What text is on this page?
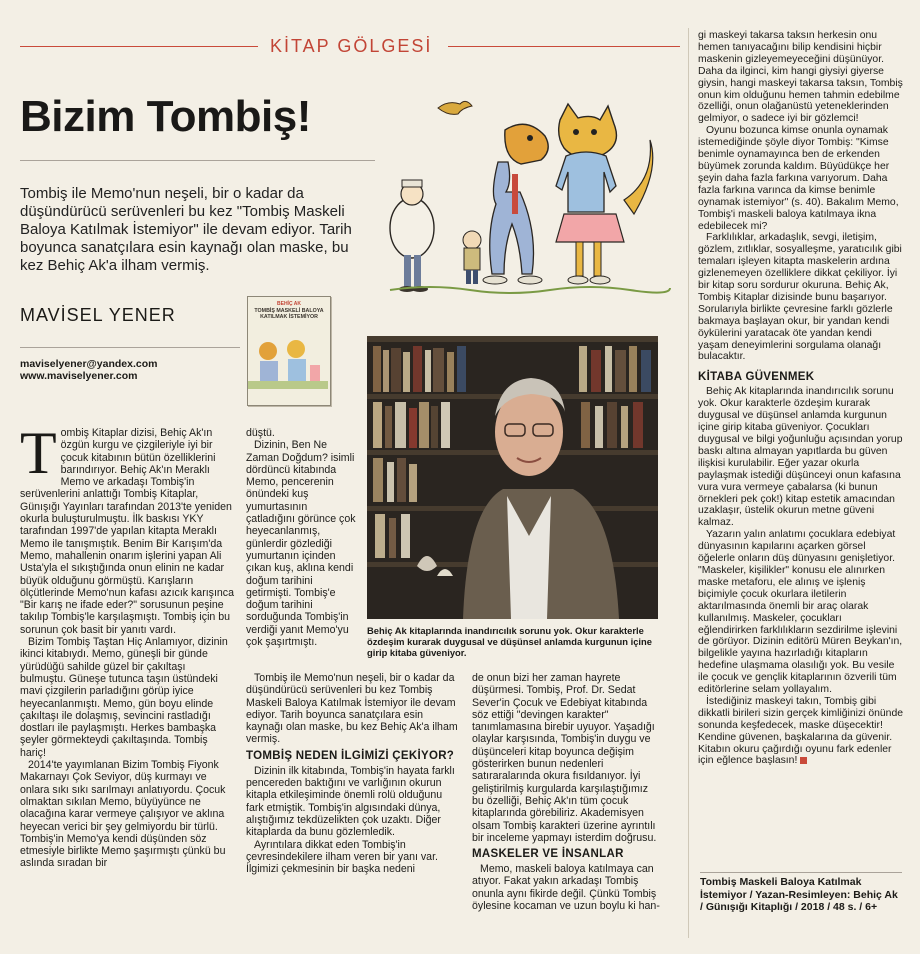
KİTAP GÖLGESİ
Bizim Tombiş!
Tombiş ile Memo'nun neşeli, bir o kadar da düşündürücü serüvenleri bu kez "Tombiş Maskeli Baloya Katılmak İstemiyor" ile devam ediyor. Tarih boyunca sanatçılara esin kaynağı olan maske, bu kez Behiç Ak'a ilham vermiş.
MAVİSEL YENER
maviselyener@yandex.com
www.maviselyener.com
BEHİÇ AK
TOMBİŞ MASKELİ BALOYA KATILMAK İSTEMİYOR
T ombiş Kitaplar dizisi, Behiç Ak'ın özgün kurgu ve çizgileriyle iyi bir çocuk kitabının bütün özelliklerini barındırıyor. Behiç Ak'ın Meraklı Memo ve arkadaşı Tombiş'in serüvenlerini anlattığı Tombiş Kitaplar, Günışığı Yayınları tarafından 2013'te yeniden okurla buluşturulmuştu. İlk baskısı YKY tarafından 1997'de yapılan kitapta Meraklı Memo ile tanışmıştık. Benim Bir Karışım'da Memo, mahallenin onarım işlerini yapan Ali Usta'yla el sıkıştığında onun elinin ne kadar büyük olduğunu görmüştü. Karışların ölçütlerinde Memo'nun kafası azıcık karışınca "Bir karış ne ifade eder?" sorusunun peşine takılıp Tombiş'le karşılaşmıştı. Tombiş için bu sorunun çok basit bir yanıtı vardı.

Bizim Tombiş Taştan Hiç Anlamıyor, dizinin ikinci kitabıydı. Memo, güneşli bir günde yürüdüğü sahilde güzel bir çakıltaşı bulmuştu. Güneşe tutunca taşın üstündeki mavi çizgilerin parladığını görüp iyice heyecanlanmıştı. Memo, gün boyu elinde çakıltaşı ile dolaşmış, sevincini rastladığı dostları ile paylaşmıştı. Herkes bambaşka şeyler görmekteydi çakıltaşında. Tombiş hariç!

2014'te yayımlanan Bizim Tombiş Fiyonk Makarnayı Çok Seviyor, düş kurmayı ve onlara sıkı sıkı sarılmayı anlatıyordu. Çocuk olmaktan sıkılan Memo, büyüyünce ne olacağına karar vermeye çalışıyor ve aklına heyecan verici bir şey gelmiyordu bir türlü. Tombiş'in Memo'ya kendi düşünden söz etmesiyle birlikte Memo şaşırmıştı çünkü bu aslında sıradan bir

düştü.

Dizinin, Ben Ne Zaman Doğdum? isimli dördüncü kitabında Memo, pencerenin önündeki kuş yumurtasının çatladığını görünce çok heyecanlanmış, günlerdir gözlediği yumurtanın içinden çıkan kuş, aklına kendi doğum tarihini getirmişti. Tombiş'e doğum tarihini sorduğunda Tombiş'in verdiği yanıt Memo'yu çok şaşırtmıştı.

Tombiş ile Memo'nun neşeli, bir o kadar da düşündürücü serüvenleri bu kez Tombiş Maskeli Baloya Katılmak İstemiyor ile devam ediyor. Tarih boyunca sanatçılara esin kaynağı olan maske, bu kez Behiç Ak'a ilham vermiş.

TOMBİŞ NEDEN İLGİMİZİ ÇEKİYOR?

Dizinin ilk kitabında, Tombiş'in hayata farklı pencereden baktığını ve varlığının okurun kitapla etkileşiminde önemli rolü olduğunu fark etmiştik. Tombiş'in algısındaki dünya, alıştığımız tekdüzelikten çok uzaktı. Diğer kitaplarda da bunu gözlemledik.

Ayrıntılara dikkat eden Tombiş'in çevresindekilere ilham veren bir yanı var. İlgimizi çekmesinin bir başka nedeni

Behiç Ak kitaplarında inandırıcılık sorunu yok. Okur karakterle özdeşim kurarak duygusal ve düşünsel anlamda kurgunun içine girip kitaba güveniyor.

de onun bizi her zaman hayrete düşürmesi. Tombiş, Prof. Dr. Sedat Sever'in Çocuk ve Edebiyat kitabında söz ettiği "devingen karakter" tanımlamasına birebir uyuyor. Yaşadığı olaylar karşısında, Tombiş'in duygu ve düşünceleri kitap boyunca değişim gösterirken bunun nedenleri satıraralarında okura fısıldanıyor. İyi geliştirilmiş kurgularda karşılaştığımız bu özelliği, Behiç Ak'ın tüm çocuk kitaplarında görebiliriz. Akademisyen olsam Tombiş karakteri üzerine ayrıntılı bir inceleme yapmayı isterdim doğrusu.

MASKELER VE İNSANLAR

Memo, maskeli baloya katılmaya can atıyor. Fakat yakın arkadaşı Tombiş onunla aynı fikirde değil. Çünkü Tombiş öylesine kocaman ve uzun boylu ki han-

gi maskeyi takarsa taksın herkesin onu hemen tanıyacağını bilip kendisini hiçbir maskenin gizleyemeyeceğini düşünüyor. Daha da ilginci, kim hangi giysiyi giyerse giysin, hangi maskeyi takarsa taksın, Tombiş onun kim olduğunu hemen tahmin edebilme özelliği, onun olağanüstü yeteneklerinden gelmiyor, o sadece iyi bir gözlemci!

Oyunu bozunca kimse onunla oynamak istemediğinde şöyle diyor Tombiş: "Kimse benimle oynamayınca ben de erkenden büyümek zorunda kaldım. Büyüdükçe her şeyin daha fazla farkına varıyorum. Daha fazla farkına varınca da kimse benimle oynamak istemiyor" (s. 40). Bakalım Memo, Tombiş'i maskeli baloya katılmaya ikna edebilecek mi?

Farklılıklar, arkadaşlık, sevgi, iletişim, gözlem, zıtlıklar, sosyalleşme, yaratıcılık gibi temaları işleyen kitapta maskelerin ardına gizlenemeyen özelliklere dikkat çekiliyor. İyi bir kitap soru sordurur okuruna. Behiç Ak, Tombiş Kitaplar dizisinde bunu başarıyor. Sorularıyla birlikte çevresine farklı gözlerle bakmaya başlayan okur, bir yandan kendi öykülerini yaratacak öte yandan kendi yaşam deneyimlerini sorgulama olanağı bulacaktır.

KİTABA GÜVENMEK

Behiç Ak kitaplarında inandırıcılık sorunu yok. Okur karakterle özdeşim kurarak duygusal ve düşünsel anlamda kurgunun içine girip kitaba güveniyor. Çocukları duygusal ve bilgi yoğunluğu açısından yorup baskı altına almayan yapıtlarda bu güven ilişkisi kurulabilir. Eğer yazar okurla paylaşmak istediği düşünceyi onun kafasına vura vura vermeye çabalarsa (ki bunun örnekleri pek çok!) kitap estetik amacından uzaklaşır, üstelik okurun metne güveni kalmaz.

Yazarın yalın anlatımı çocuklara edebiyat dünyasının kapılarını açarken görsel öğelerle onların düş dünyasını genişletiyor. "Maskeler, kişilikler" konusu ele alınırken maske metaforu, ele alınış ve işleniş biçimiyle çocuk okurlara iletilerin aktarılmasında önemli bir araç olarak kullanılmış. Maskeler, çocukları eğlendirirken farklılıkların sezdirilme işlevini de görüyor. Dizinin editörü Müren Beykan'ın, bilgelikle yayına hazırladığı kitapların hedefine ulaşmama olasılığı yok. Bu vesile ile çocuk ve gençlik kitaplarının özverili tüm editörlerine selam yollayalım.

İstediğiniz maskeyi takın, Tombiş gibi dikkatli birileri sizin gerçek kimliğinizi önünde sonunda keşfedecek, maske düşecektir! Kendine güvenen, başkalarına da güvenir. Kitabın okuru çağırdığı oyunu fark edenler için eğlence başlasın!

Tombiş Maskeli Baloya Katılmak İstemiyor / Yazan-Resimleyen: Behiç Ak / Günışığı Kitaplığı / 2018 / 48 s. / 6+
